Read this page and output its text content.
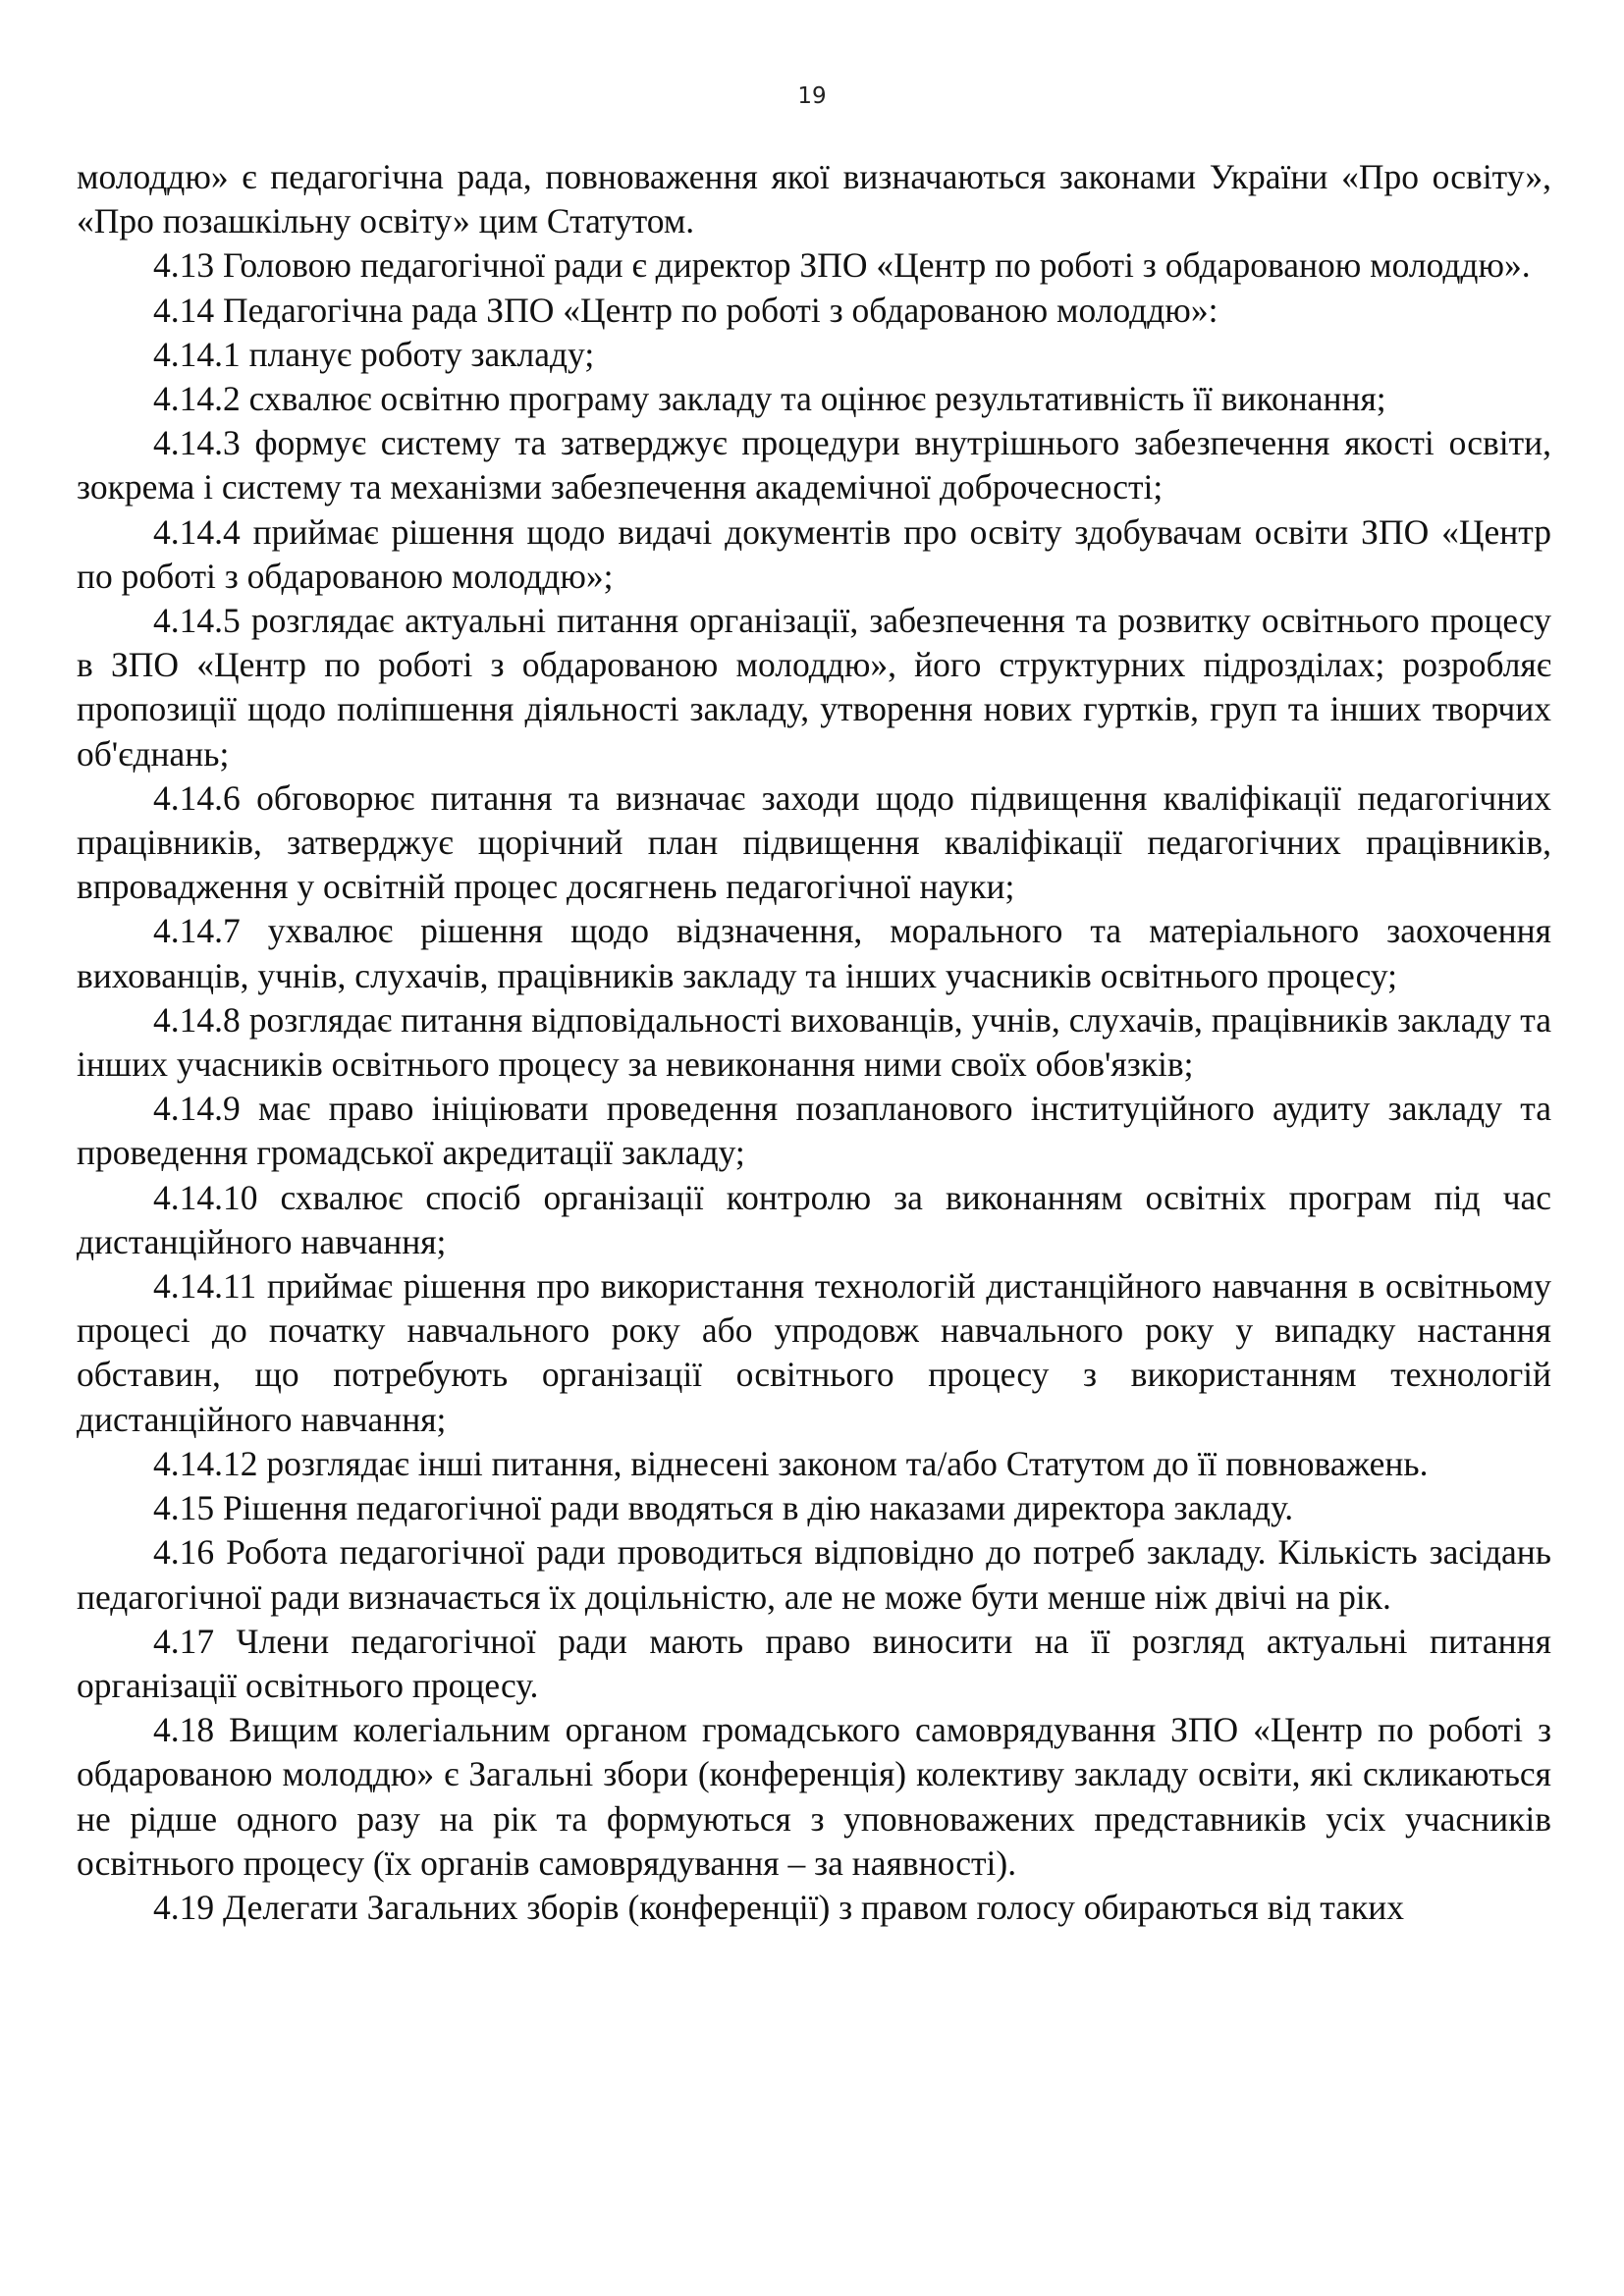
19

молоддю» є педагогічна рада, повноваження якої визначаються законами України «Про освіту», «Про позашкільну освіту» цим Статутом.

4.13 Головою педагогічної ради є директор ЗПО «Центр по роботі з обдарованою молоддю».

4.14 Педагогічна рада ЗПО «Центр по роботі з обдарованою молоддю»:

4.14.1 планує роботу закладу;

4.14.2 схвалює освітню програму закладу та оцінює результативність її виконання;

4.14.3 формує систему та затверджує процедури внутрішнього забезпечення якості освіти, зокрема і систему та механізми забезпечення академічної доброчесності;

4.14.4 приймає рішення щодо видачі документів про освіту здобувачам освіти ЗПО «Центр по роботі з обдарованою молоддю»;

4.14.5 розглядає актуальні питання організації, забезпечення та розвитку освітнього процесу в ЗПО «Центр по роботі з обдарованою молоддю», його структурних підрозділах; розробляє пропозиції щодо поліпшення діяльності закладу, утворення нових гуртків, груп та інших творчих об'єднань;

4.14.6 обговорює питання та визначає заходи щодо підвищення кваліфікації педагогічних працівників, затверджує щорічний план підвищення кваліфікації педагогічних працівників, впровадження у освітній процес досягнень педагогічної науки;

4.14.7 ухвалює рішення щодо відзначення, морального та матеріального заохочення вихованців, учнів, слухачів, працівників закладу та інших учасників освітнього процесу;

4.14.8 розглядає питання відповідальності вихованців, учнів, слухачів, працівників закладу та інших учасників освітнього процесу за невиконання ними своїх обов'язків;

4.14.9 має право ініціювати проведення позапланового інституційного аудиту закладу та проведення громадської акредитації закладу;

4.14.10 схвалює спосіб організації контролю за виконанням освітніх програм під час дистанційного навчання;

4.14.11 приймає рішення про використання технологій дистанційного навчання в освітньому процесі до початку навчального року або упродовж навчального року у випадку настання обставин, що потребують організації освітнього процесу з використанням технологій дистанційного навчання;

4.14.12 розглядає інші питання, віднесені законом та/або Статутом до її повноважень.

4.15 Рішення педагогічної ради вводяться в дію наказами директора закладу.

4.16 Робота педагогічної ради проводиться відповідно до потреб закладу. Кількість засідань педагогічної ради визначається їх доцільністю, але не може бути менше ніж двічі на рік.

4.17 Члени педагогічної ради мають право виносити на її розгляд актуальні питання організації освітнього процесу.

4.18 Вищим колегіальним органом громадського самоврядування ЗПО «Центр по роботі з обдарованою молоддю» є Загальні збори (конференція) колективу закладу освіти, які скликаються не рідше одного разу на рік та формуються з уповноважених представників усіх учасників освітнього процесу (їх органів самоврядування – за наявності).

4.19 Делегати Загальних зборів (конференції) з правом голосу обираються від таких
